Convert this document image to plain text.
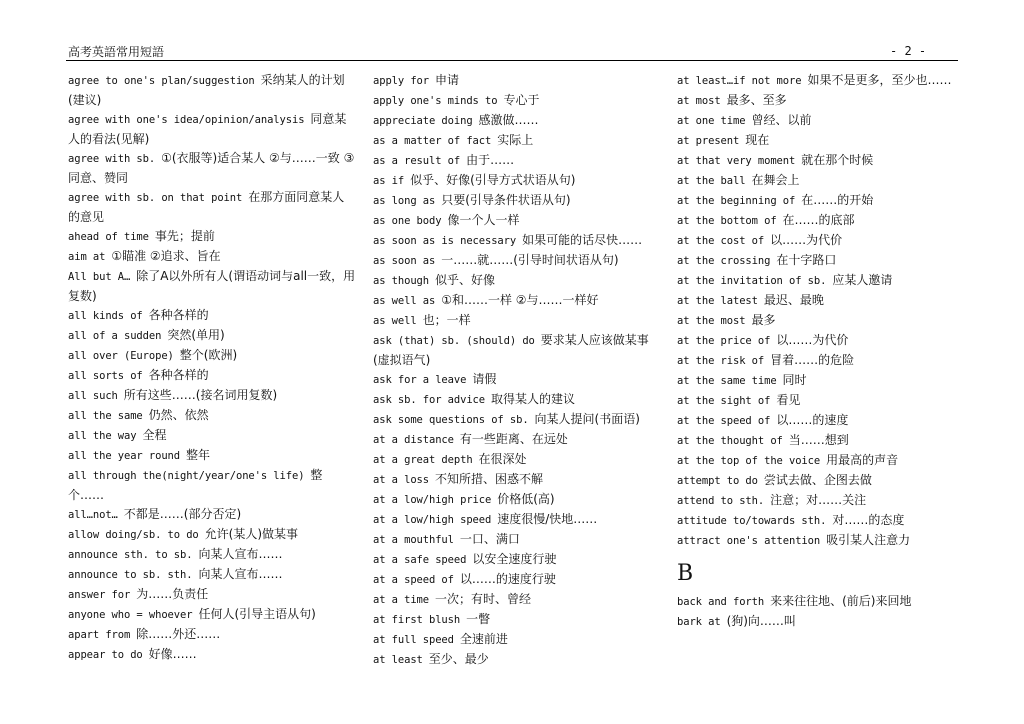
高考英語常用短語	- 2 -
agree to one's plan/suggestion 采纳某人的计划(建议)
agree with one's idea/opinion/analysis 同意某人的看法(见解)
agree with sb. ①(衣服等)适合某人 ②与……一致 ③同意、赞同
agree with sb. on that point 在那方面同意某人的意见
ahead of time 事先；提前
aim at ①瞄准 ②追求、旨在
All but A… 除了A以外所有人(谓语动词与all一致，用复数)
all kinds of 各种各样的
all of a sudden 突然(单用)
all over (Europe) 整个(欧洲)
all sorts of 各种各样的
all such 所有这些……(接名词用复数)
all the same 仍然、依然
all the way 全程
all the year round 整年
all through the(night/year/one's life) 整个……
all…not… 不都是……(部分否定)
allow doing/sb. to do 允许(某人)做某事
announce sth. to sb. 向某人宣布……
announce to sb. sth. 向某人宣布……
answer for 为……负责任
anyone who = whoever 任何人(引导主语从句)
apart from 除……外还……
appear to do 好像……
apply for 申请
apply one's minds to 专心于
appreciate doing 感激做……
as a matter of fact 实际上
as a result of 由于……
as if 似乎、好像(引导方式状语从句)
as long as 只要(引导条件状语从句)
as one body 像一个人一样
as soon as is necessary 如果可能的话尽快……
as soon as 一……就……(引导时间状语从句)
as though 似乎、好像
as well as ①和……一样 ②与……一样好
as well 也；一样
ask (that) sb. (should) do 要求某人应该做某事(虚拟语气)
ask for a leave 请假
ask sb. for advice 取得某人的建议
ask some questions of sb. 向某人提问(书面语)
at a distance 有一些距离、在远处
at a great depth 在很深处
at a loss 不知所措、困惑不解
at a low/high price 价格低(高)
at a low/high speed 速度很慢/快地……
at a mouthful 一口、满口
at a safe speed 以安全速度行驶
at a speed of 以……的速度行驶
at a time 一次；有时、曾经
at first blush 一瞥
at full speed 全速前进
at least 至少、最少
at least…if not more 如果不是更多，至少也……
at most 最多、至多
at one time 曾经、以前
at present 现在
at that very moment 就在那个时候
at the ball 在舞会上
at the beginning of 在……的开始
at the bottom of 在……的底部
at the cost of 以……为代价
at the crossing 在十字路口
at the invitation of sb. 应某人邀请
at the latest 最迟、最晚
at the most 最多
at the price of 以……为代价
at the risk of 冒着……的危险
at the same time 同时
at the sight of 看见
at the speed of 以……的速度
at the thought of 当……想到
at the top of the voice 用最高的声音
attempt to do 尝试去做、企图去做
attend to sth. 注意；对……关注
attitude to/towards sth. 对……的态度
attract one's attention 吸引某人注意力
B
back and forth 来来往往地、(前后)来回地
bark at (狗)向……叫
